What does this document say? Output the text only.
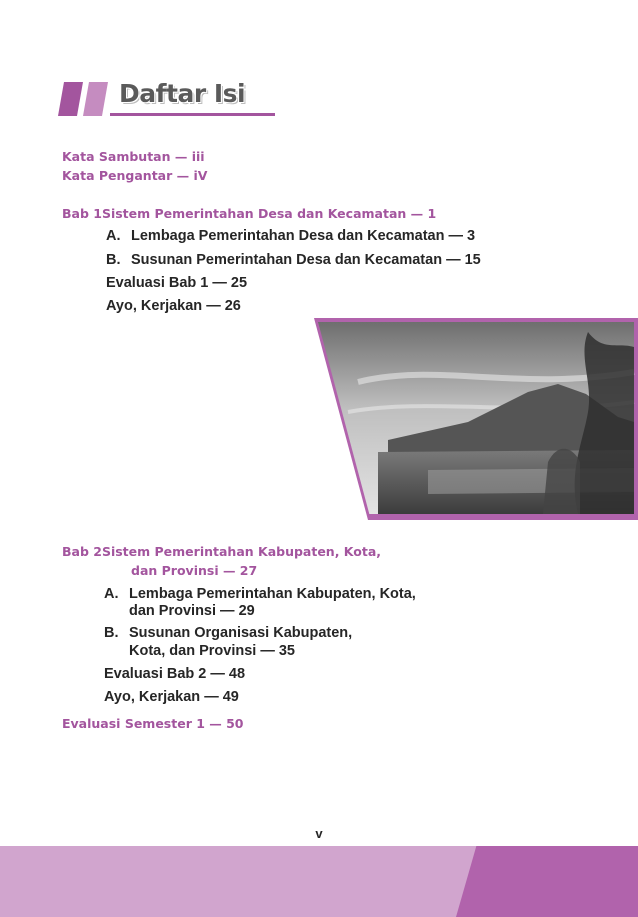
Daftar Isi
Kata Sambutan — iii
Kata Pengantar — iV
Bab 1Sistem Pemerintahan Desa dan Kecamatan — 1
A. Lembaga Pemerintahan Desa dan Kecamatan — 3
B. Susunan Pemerintahan Desa dan Kecamatan — 15
Evaluasi Bab 1 — 25
Ayo, Kerjakan — 26
Bab 2Sistem Pemerintahan Kabupaten, Kota,
dan Provinsi — 27
A. Lembaga Pemerintahan Kabupaten, Kota,
dan Provinsi — 29
B. Susunan Organisasi Kabupaten,
Kota, dan Provinsi — 35
Evaluasi Bab 2 — 48
Ayo, Kerjakan — 49
Evaluasi Semester 1 — 50
v
